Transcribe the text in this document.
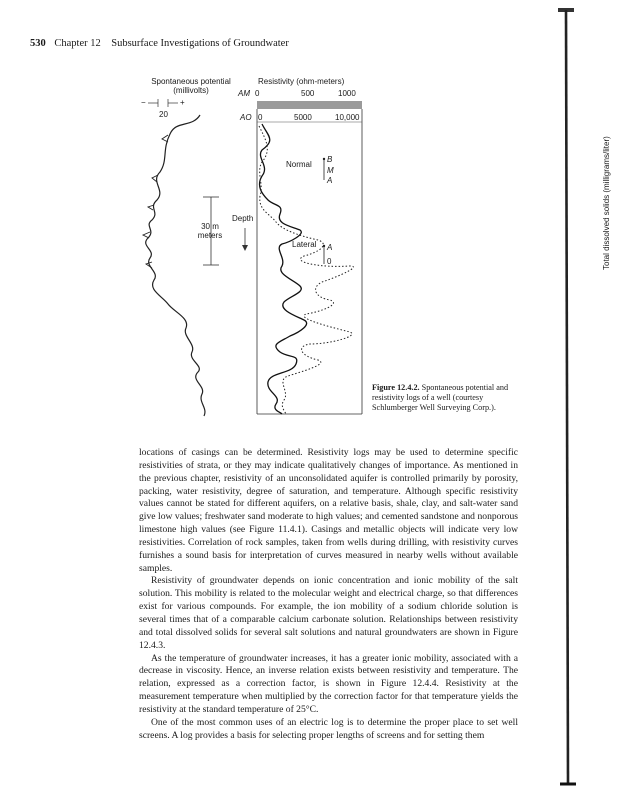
530 Chapter 12 Subsurface Investigations of Groundwater
Spontaneous potential
(millivolts)
−	+
20
Resistivity (ohm-meters)
AM 0	500	1000
AO 0	5000	10,000
30 m
meters
Depth
Normal
B
M
A
Lateral A
0
Figure 12.4.2. Spontaneous potential and resistivity logs of a well (courtesy Schlumberger Well Surveying Corp.).

locations of casings can be determined. Resistivity logs may be used to determine specific resistivities of strata, or they may indicate qualitatively changes of importance. As mentioned in the previous chapter, resistivity of an unconsolidated aquifer is controlled primarily by porosity, packing, water resistivity, degree of saturation, and temperature. Although specific resistivity values cannot be stated for different aquifers, on a relative basis, shale, clay, and salt-water sand give low values; freshwater sand moderate to high values; and cemented sandstone and nonporous limestone high values (see Figure 11.4.1). Casings and metallic objects will indicate very low resistivities. Correlation of rock samples, taken from wells during drilling, with resistivity curves furnishes a sound basis for interpretation of curves measured in nearby wells without available samples.

Resistivity of groundwater depends on ionic concentration and ionic mobility of the salt solution. This mobility is related to the molecular weight and electrical charge, so that differences exist for various compounds. For example, the ion mobility of a sodium chloride solution is several times that of a comparable calcium carbonate solution. Relationships between resistivity and total dissolved solids for several salt solutions and natural groundwaters are shown in Figure 12.4.3.

As the temperature of groundwater increases, it has a greater ionic mobility, associated with a decrease in viscosity. Hence, an inverse relation exists between resistivity and temperature. The relation, expressed as a correction factor, is shown in Figure 12.4.4. Resistivity at the measurement temperature when multiplied by the correction factor for that temperature yields the resistivity at the standard temperature of 25°C.

One of the most common uses of an electric log is to determine the proper place to set well screens. A log provides a basis for selecting proper lengths of screens and for setting them

Total dissolved solids (milligrams/liter)
